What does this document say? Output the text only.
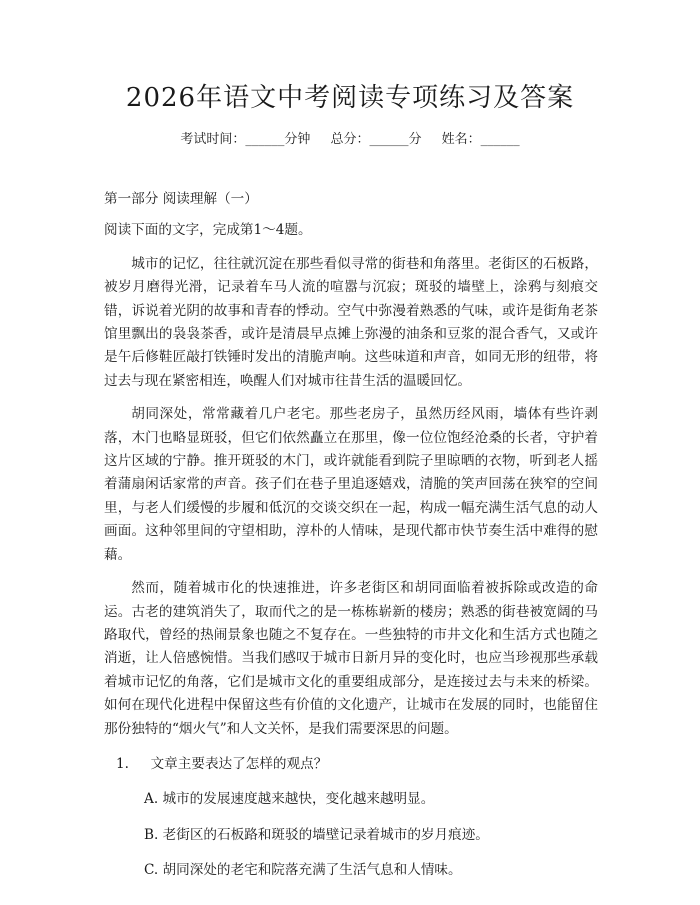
2026年语文中考阅读专项练习及答案
考试时间：______分钟 总分：______分 姓名：______

第一部分 阅读理解（一）

阅读下面的文字，完成第1～4题。

城市的记忆，往往就沉淀在那些看似寻常的街巷和角落里。老街区的石板路，被岁月磨得光滑，记录着车马人流的喧嚣与沉寂；斑驳的墙壁上，涂鸦与刻痕交错，诉说着光阴的故事和青春的悸动。空气中弥漫着熟悉的气味，或许是街角老茶馆里飘出的袅袅茶香，或许是清晨早点摊上弥漫的油条和豆浆的混合香气，又或许是午后修鞋匠敲打铁锤时发出的清脆声响。这些味道和声音，如同无形的纽带，将过去与现在紧密相连，唤醒人们对城市往昔生活的温暖回忆。

胡同深处，常常藏着几户老宅。那些老房子，虽然历经风雨，墙体有些许剥落，木门也略显斑驳，但它们依然矗立在那里，像一位位饱经沧桑的长者，守护着这片区域的宁静。推开斑驳的木门，或许就能看到院子里晾晒的衣物，听到老人摇着蒲扇闲话家常的声音。孩子们在巷子里追逐嬉戏，清脆的笑声回荡在狭窄的空间里，与老人们缓慢的步履和低沉的交谈交织在一起，构成一幅充满生活气息的动人画面。这种邻里间的守望相助，淳朴的人情味，是现代都市快节奏生活中难得的慰藉。

然而，随着城市化的快速推进，许多老街区和胡同面临着被拆除或改造的命运。古老的建筑消失了，取而代之的是一栋栋崭新的楼房；熟悉的街巷被宽阔的马路取代，曾经的热闹景象也随之不复存在。一些独特的市井文化和生活方式也随之消逝，让人倍感惋惜。当我们感叹于城市日新月异的变化时，也应当珍视那些承载着城市记忆的角落，它们是城市文化的重要组成部分，是连接过去与未来的桥梁。如何在现代化进程中保留这些有价值的文化遗产，让城市在发展的同时，也能留住那份独特的“烟火气”和人文关怀，是我们需要深思的问题。

1. 文章主要表达了怎样的观点？

A. 城市的发展速度越来越快，变化越来越明显。

B. 老街区的石板路和斑驳的墙壁记录着城市的岁月痕迹。

C. 胡同深处的老宅和院落充满了生活气息和人情味。
